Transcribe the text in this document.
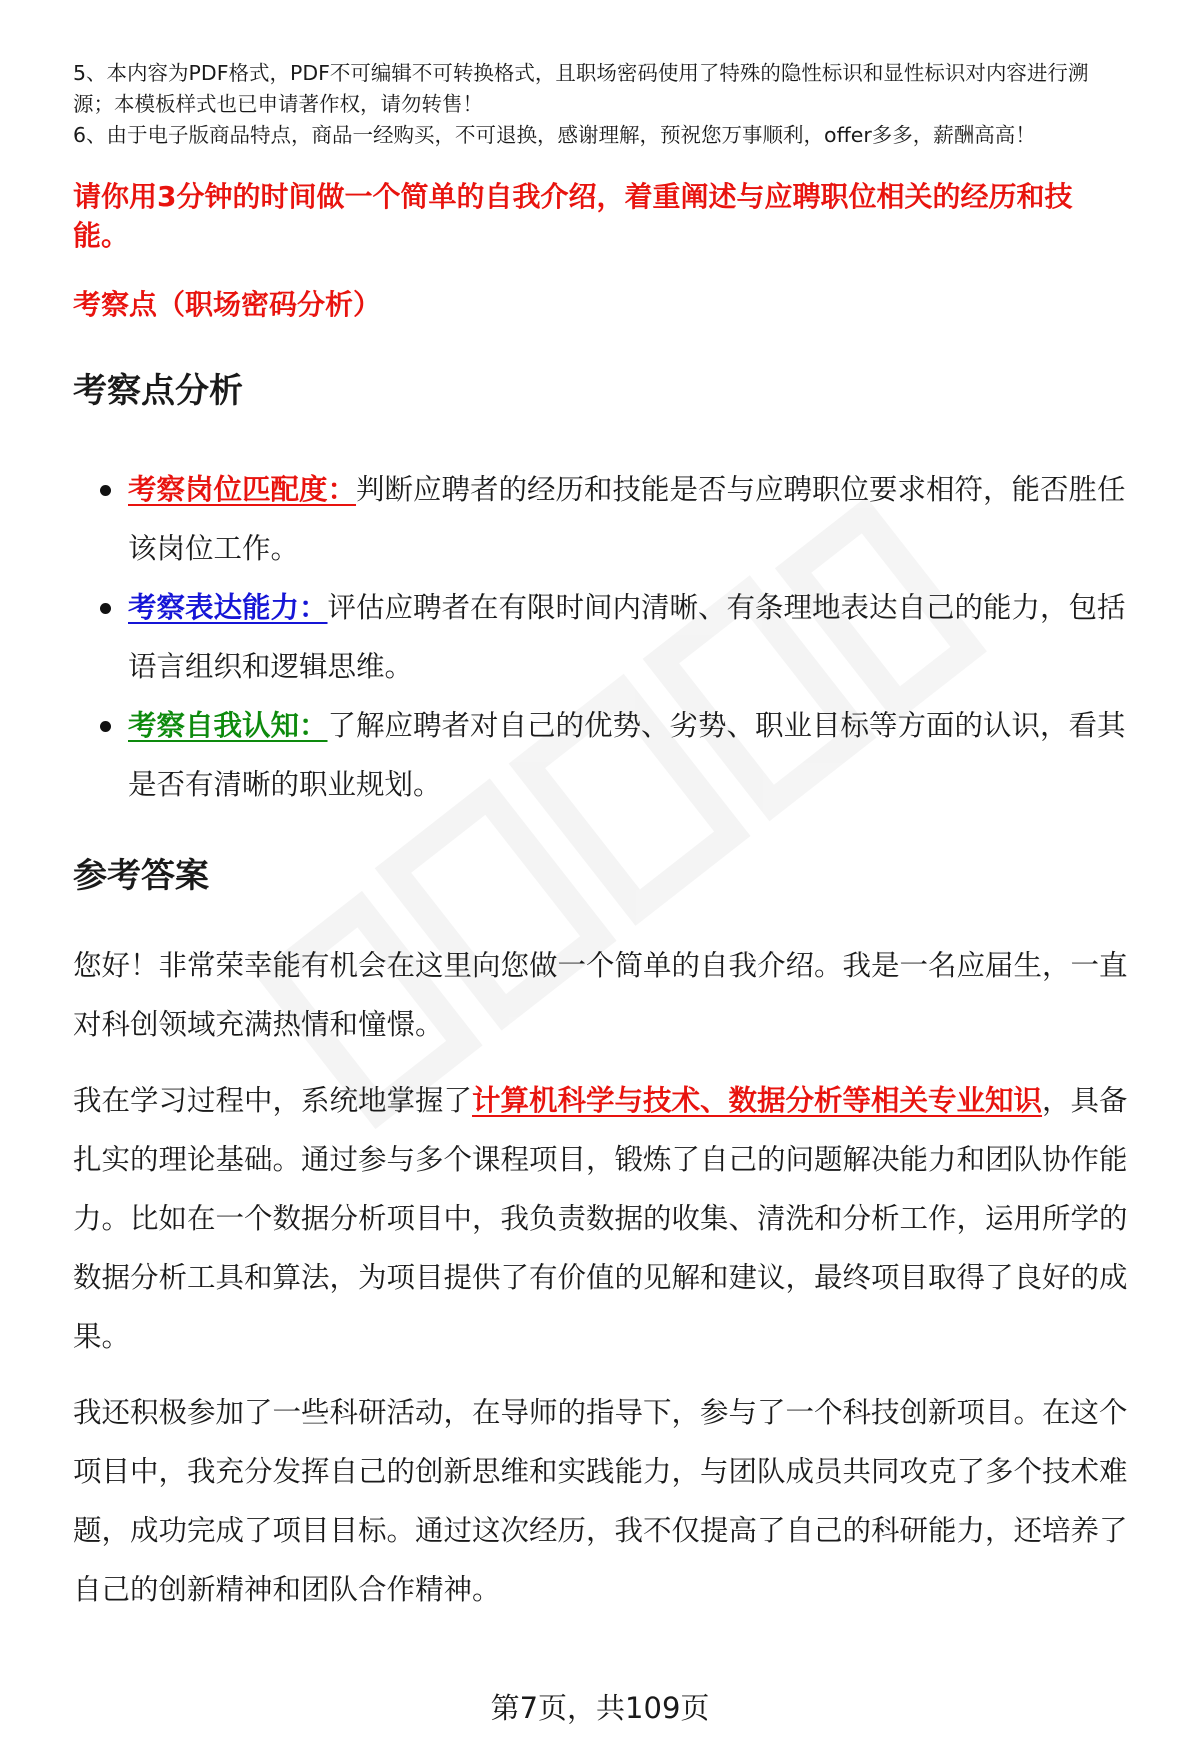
5、本内容为PDF格式，PDF不可编辑不可转换格式，且职场密码使用了特殊的隐性标识和显性标识对内容进行溯源；本模板样式也已申请著作权，请勿转售！

6、由于电子版商品特点，商品一经购买，不可退换，感谢理解，预祝您万事顺利，offer多多，薪酬高高！

请你用3分钟的时间做一个简单的自我介绍，着重阐述与应聘职位相关的经历和技能。
考察点（职场密码分析）
考察点分析
考察岗位匹配度：判断应聘者的经历和技能是否与应聘职位要求相符，能否胜任该岗位工作。
考察表达能力：评估应聘者在有限时间内清晰、有条理地表达自己的能力，包括语言组织和逻辑思维。
考察自我认知：了解应聘者对自己的优势、劣势、职业目标等方面的认识，看其是否有清晰的职业规划。
参考答案

您好！非常荣幸能有机会在这里向您做一个简单的自我介绍。我是一名应届生，一直对科创领域充满热情和憧憬。

我在学习过程中，系统地掌握了计算机科学与技术、数据分析等相关专业知识，具备扎实的理论基础。通过参与多个课程项目，锻炼了自己的问题解决能力和团队协作能力。比如在一个数据分析项目中，我负责数据的收集、清洗和分析工作，运用所学的数据分析工具和算法，为项目提供了有价值的见解和建议，最终项目取得了良好的成果。

我还积极参加了一些科研活动，在导师的指导下，参与了一个科技创新项目。在这个项目中，我充分发挥自己的创新思维和实践能力，与团队成员共同攻克了多个技术难题，成功完成了项目目标。通过这次经历，我不仅提高了自己的科研能力，还培养了自己的创新精神和团队合作精神。

第7页，共109页
